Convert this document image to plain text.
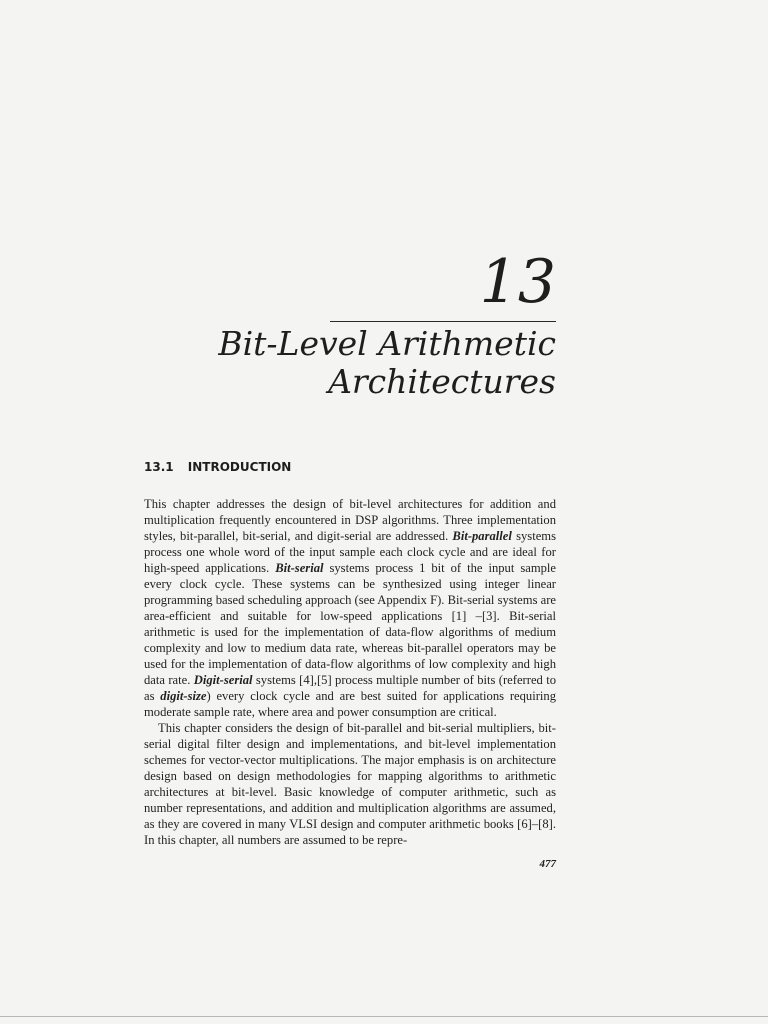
13
Bit-Level Arithmetic
Architectures
13.1 INTRODUCTION

This chapter addresses the design of bit-level architectures for addition and multiplication frequently encountered in DSP algorithms. Three implementation styles, bit-parallel, bit-serial, and digit-serial are addressed. Bit-parallel systems process one whole word of the input sample each clock cycle and are ideal for high-speed applications. Bit-serial systems process 1 bit of the input sample every clock cycle. These systems can be synthesized using integer linear programming based scheduling approach (see Appendix F). Bit-serial systems are area-efficient and suitable for low-speed applications [1] –[3]. Bit-serial arithmetic is used for the implementation of data-flow algorithms of medium complexity and low to medium data rate, whereas bit-parallel operators may be used for the implementation of data-flow algorithms of low complexity and high data rate. Digit-serial systems [4],[5] process multiple number of bits (referred to as digit-size) every clock cycle and are best suited for applications requiring moderate sample rate, where area and power consumption are critical.

This chapter considers the design of bit-parallel and bit-serial multipliers, bit-serial digital filter design and implementations, and bit-level implementation schemes for vector-vector multiplications. The major emphasis is on architecture design based on design methodologies for mapping algorithms to arithmetic architectures at bit-level. Basic knowledge of computer arithmetic, such as number representations, and addition and multiplication algorithms are assumed, as they are covered in many VLSI design and computer arithmetic books [6]–[8]. In this chapter, all numbers are assumed to be repre-

477
